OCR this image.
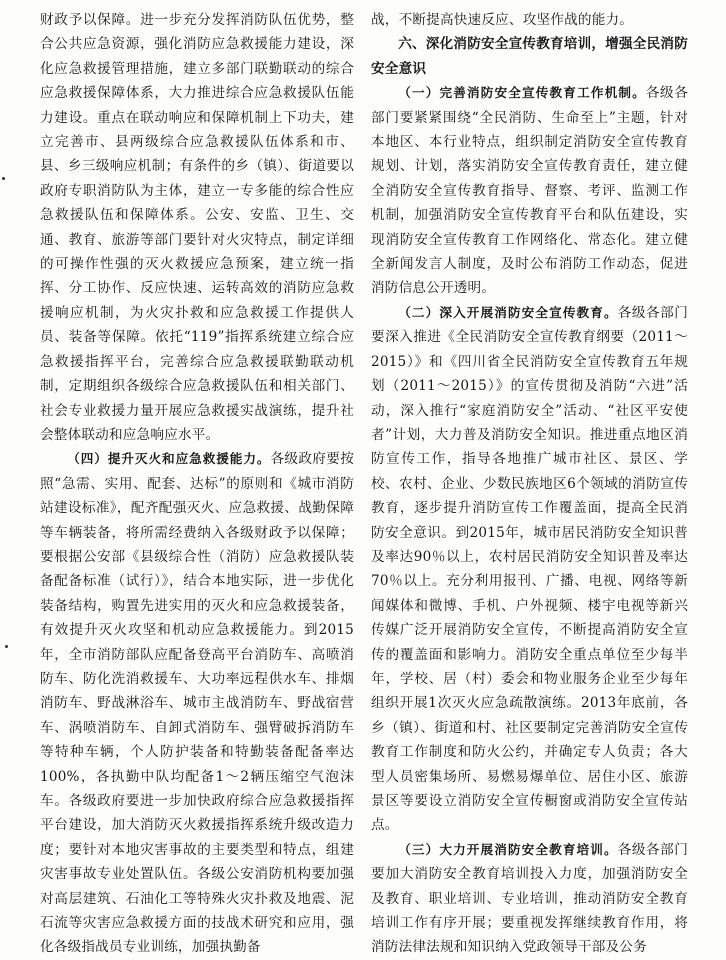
财政予以保障。进一步充分发挥消防队伍优势，整合公共应急资源，强化消防应急救援能力建设，深化应急救援管理措施，建立多部门联勤联动的综合应急救援保障体系，大力推进综合应急救援队伍能力建设。重点在联动响应和保障机制上下功夫，建立完善市、县两级综合应急救援队伍体系和市、县、乡三级响应机制；有条件的乡（镇）、街道要以政府专职消防队为主体，建立一专多能的综合性应急救援队伍和保障体系。公安、安监、卫生、交通、教育、旅游等部门要针对火灾特点，制定详细的可操作性强的灭火救援应急预案，建立统一指挥、分工协作、反应快速、运转高效的消防应急救援响应机制，为火灾扑救和应急救援工作提供人员、装备等保障。依托“119”指挥系统建立综合应急救援指挥平台，完善综合应急救援联勤联动机制，定期组织各级综合应急救援队伍和相关部门、社会专业救援力量开展应急救援实战演练，提升社会整体联动和应急响应水平。

（四）提升灭火和应急救援能力。各级政府要按照“急需、实用、配套、达标”的原则和《城市消防站建设标准》，配齐配强灭火、应急救援、战勤保障等车辆装备，将所需经费纳入各级财政予以保障；要根据公安部《县级综合性（消防）应急救援队装备配备标准（试行）》，结合本地实际，进一步优化装备结构，购置先进实用的灭火和应急救援装备，有效提升灭火攻坚和机动应急救援能力。到2015年，全市消防部队应配备登高平台消防车、高喷消防车、防化洗消救援车、大功率远程供水车、排烟消防车、野战淋浴车、城市主战消防车、野战宿营车、涡喷消防车、自卸式消防车、强臂破拆消防车等特种车辆，个人防护装备和特勤装备配备率达100%，各执勤中队均配备1～2辆压缩空气泡沫车。各级政府要进一步加快政府综合应急救援指挥平台建设，加大消防灭火救援指挥系统升级改造力度；要针对本地灾害事故的主要类型和特点，组建灾害事故专业处置队伍。各级公安消防机构要加强对高层建筑、石油化工等特殊火灾扑救及地震、泥石流等灾害应急救援方面的技战术研究和应用，强化各级指战员专业训练，加强执勤备

战，不断提高快速反应、攻坚作战的能力。

六、深化消防安全宣传教育培训，增强全民消防安全意识

（一）完善消防安全宣传教育工作机制。各级各部门要紧紧围绕“全民消防、生命至上”主题，针对本地区、本行业特点，组织制定消防安全宣传教育规划、计划，落实消防安全宣传教育责任，建立健全消防安全宣传教育指导、督察、考评、监测工作机制，加强消防安全宣传教育平台和队伍建设，实现消防安全宣传教育工作网络化、常态化。建立健全新闻发言人制度，及时公布消防工作动态，促进消防信息公开透明。

（二）深入开展消防安全宣传教育。各级各部门要深入推进《全民消防安全宣传教育纲要（2011～2015）》和《四川省全民消防安全宣传教育五年规划（2011～2015）》的宣传贯彻及消防“六进”活动，深入推行“家庭消防安全”活动、“社区平安使者”计划，大力普及消防安全知识。推进重点地区消防宣传工作，指导各地推广城市社区、景区、学校、农村、企业、少数民族地区6个领域的消防宣传教育，逐步提升消防宣传工作覆盖面，提高全民消防安全意识。到2015年，城市居民消防安全知识普及率达90％以上，农村居民消防安全知识普及率达70％以上。充分利用报刊、广播、电视、网络等新闻媒体和微博、手机、户外视频、楼宇电视等新兴传媒广泛开展消防安全宣传，不断提高消防安全宣传的覆盖面和影响力。消防安全重点单位至少每半年，学校、居（村）委会和物业服务企业至少每年组织开展1次灭火应急疏散演练。2013年底前，各乡（镇）、街道和村、社区要制定完善消防安全宣传教育工作制度和防火公约，并确定专人负责；各大型人员密集场所、易燃易爆单位、居住小区、旅游景区等要设立消防安全宣传橱窗或消防安全宣传站点。

（三）大力开展消防安全教育培训。各级各部门要加大消防安全教育培训投入力度，加强消防安全及教育、职业培训、专业培训，推动消防安全教育培训工作有序开展；要重视发挥继续教育作用，将消防法律法规和知识纳入党政领导干部及公务
